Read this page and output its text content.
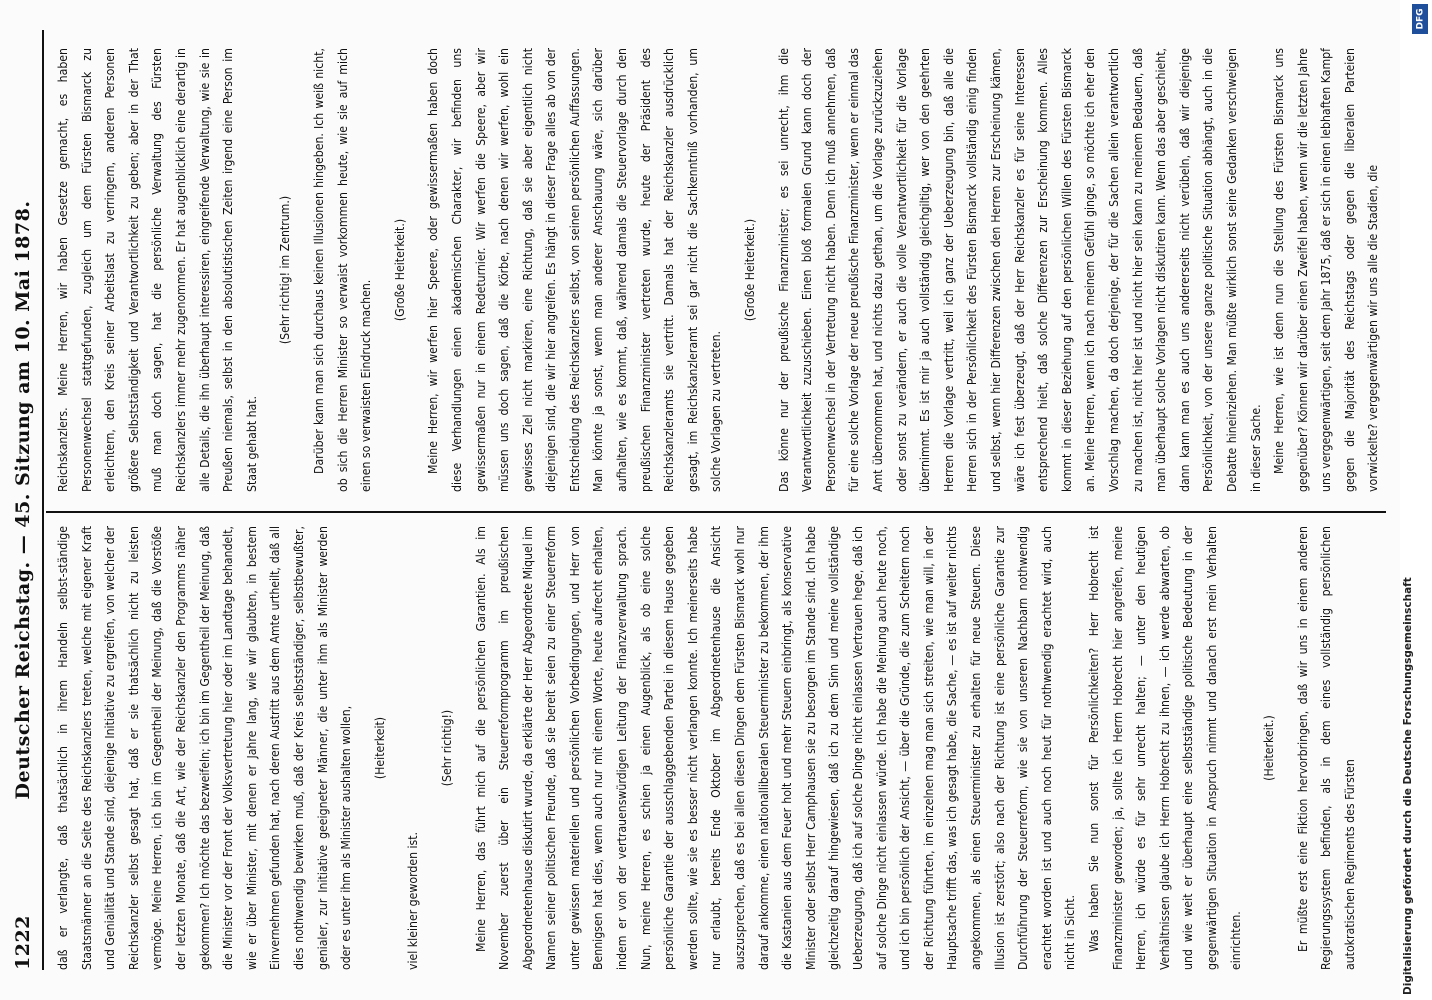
1222
Deutscher Reichstag. — 45. Sitzung am 10. Mai 1878.	daß er verlangte, daß thatsächlich in ihrem Handeln selbst-ständige Staatsmänner an die Seite des Reichskanzlers treten, welche mit eigener Kraft und Genialität und Stande sind, diejenige Initiative zu ergreifen, von welcher der Reichskanzler selbst gesagt hat, daß er sie thatsächlich nicht zu leisten vermöge. Meine Herren, ich bin im Gegentheil der Meinung, daß die Vorstöße der letzten Monate, daß die Art, wie der Reichskanzler den Programms näher gekommen? Ich möchte das bezweifeln; ich bin im Gegentheil der Meinung, daß die Minister vor der Front der Volksvertretung hier oder im Landtage behandelt, wie er über Minister, mit denen er Jahre lang, wie wir glaubten, in bestem Einvernehmen gefunden hat, nach deren Austritt aus dem Amte urtheilt, daß all dies nothwendig bewirken muß, daß der Kreis selbstständiger, selbstbewußter, genialer, zur Initiative geeigneter Männer, die unter ihm als Minister werden oder es unter ihm als Minister aushalten wollen,	(Heiterkeit)

viel kleiner geworden ist.

(Sehr richtig!)	Meine Herren, das führt mich auf die persönlichen Garantien. Als im November zuerst über ein Steuerreformprogramm im preußischen Abgeordnetenhause diskutirt wurde, da erklärte der Herr Abgeordnete Miquel im Namen seiner politischen Freunde, daß sie bereit seien zu einer Steuerreform unter gewissen materiellen und persönlichen Vorbedingungen, und Herr von Bennigsen hat dies, wenn auch nur mit einem Worte, heute aufrecht erhalten, indem er von der vertrauenswürdigen Leitung der Finanzverwaltung sprach. Nun, meine Herren, es schien ja einen Augenblick, als ob eine solche persönliche Garantie der ausschlaggebenden Partei in diesem Hause gegeben werden sollte, wie sie es besser nicht verlangen konnte. Ich meinerseits habe nur erlaubt, bereits Ende Oktober im Abgeordnetenhause die Ansicht auszusprechen, daß es bei allen diesen Dingen dem Fürsten Bismarck wohl nur darauf ankomme, einen nationalliberalen Steuerminister zu bekommen, der ihm die Kastanien aus dem Feuer holt und mehr Steuern einbringt, als konservative Minister oder selbst Herr Camphausen sie zu besorgen im Stande sind. Ich habe gleichzeitig darauf hingewiesen, daß ich zu dem Sinn und meine vollständige Ueberzeugung, daß ich auf solche Dinge nicht einlassen Vertrauen hege, daß ich auf solche Dinge nicht einlassen würde. Ich habe die Meinung auch heute noch, und ich bin persönlich der Ansicht, — über die Gründe, die zum Scheitern noch der Richtung führten, im einzelnen mag man sich streiten, wie man will, in der Hauptsache trifft das, was ich gesagt habe, die Sache, — es ist auf weiter nichts angekommen, als einen Steuerminister zu erhalten für neue Steuern. Diese Illusion ist zerstört; also nach der Richtung ist eine persönliche Garantie zur Durchführung der Steuerreform, wie sie von unseren Nachbarn nothwendig erachtet worden ist und auch noch heut für nothwendig erachtet wird, auch nicht in Sicht. Was haben Sie nun sonst für Persönlichkeiten? Herr Hobrecht ist Finanzminister geworden; ja, sollte ich Herrn Hobrecht hier angreifen, meine Herren, ich würde es für sehr unrecht halten; — unter den heutigen Verhältnissen glaube ich Herrn Hobrecht zu ihnen, — ich werde abwarten, ob und wie weit er überhaupt eine selbstständige politische Bedeutung in der gegenwärtigen Situation in Anspruch nimmt und danach erst mein Verhalten einrichten.

(Heiterkeit.)	Er müßte erst eine Fiktion hervorbringen, daß wir uns in einem anderen Regierungssystem befinden, als in dem eines vollständig persönlichen autokratischen Regiments des Fürsten

Reichskanzlers. Meine Herren, wir haben Gesetze gemacht, es haben Personenwechsel stattgefunden, zugleich um dem Fürsten Bismarck zu erleichtern, den Kreis seiner Arbeitslast zu verringern, anderen Personen größere Selbstständigkeit und Verantwortlichkeit zu geben; aber in der That muß man doch sagen, hat die persönliche Verwaltung des Fürsten Reichskanzlers immer mehr zugenommen. Er hat augenblicklich eine derartig in alle Details, die ihn überhaupt interessiren, eingreifende Verwaltung, wie sie in Preußen niemals, selbst in den absolutistischen Zeiten irgend eine Person im Staat gehabt hat.

(Sehr richtig! im Zentrum.)	Darüber kann man sich durchaus keinen Illusionen hingeben. Ich weiß nicht, ob sich die Herren Minister so verwaist vorkommen heute, wie sie auf mich einen so verwaisten Eindruck machen.

(Große Heiterkeit.)	Meine Herren, wir werfen hier Speere, oder gewissermaßen haben doch diese Verhandlungen einen akademischen Charakter, wir befinden uns gewissermaßen nur in einem Redeturnier. Wir werfen die Speere, aber wir müssen uns doch sagen, daß die Körbe, nach denen wir werfen, wohl ein gewisses Ziel nicht markiren, eine Richtung, daß sie aber eigentlich nicht diejenigen sind, die wir hier angreifen. Es hängt in dieser Frage alles ab von der Entscheidung des Reichskanzlers selbst, von seinen persönlichen Auffassungen. Man könnte ja sonst, wenn man anderer Anschauung wäre, sich darüber aufhalten, wie es kommt, daß, während damals die Steuervorlage durch den preußischen Finanzminister vertreten wurde, heute der Präsident des Reichskanzleramts sie vertritt. Damals hat der Reichskanzler ausdrücklich gesagt, im Reichskanzleramt sei gar nicht die Sachkenntniß vorhanden, um solche Vorlagen zu vertreten.

(Große Heiterkeit.)	Das könne nur der preußische Finanzminister; es sei unrecht, ihm die Verantwortlichkeit zuzuschieben. Einen bloß formalen Grund kann doch der Personenwechsel in der Vertretung nicht haben. Denn ich muß annehmen, daß für eine solche Vorlage der neue preußische Finanzminister, wenn er einmal das Amt übernommen hat, und nichts dazu gethan, um die Vorlage zurückzuziehen oder sonst zu verändern, er auch die volle Verantwortlichkeit für die Vorlage übernimmt. Es ist mir ja auch vollständig gleichgiltig, wer von den geehrten Herren die Vorlage vertritt, weil ich ganz der Ueberzeugung bin, daß alle die Herren sich in der Persönlichkeit des Fürsten Bismarck vollständig einig finden und selbst, wenn hier Differenzen zwischen den Herren zur Erscheinung kämen, wäre ich fest überzeugt, daß der Herr Reichskanzler es für seine Interessen entsprechend hielt, daß solche Differenzen zur Erscheinung kommen. Alles kommt in dieser Beziehung auf den persönlichen Willen des Fürsten Bismarck an. Meine Herren, wenn ich nach meinem Gefühl ginge, so möchte ich eher den Vorschlag machen, da doch derjenige, der für die Sachen allein verantwortlich zu machen ist, nicht hier ist und nicht hier sein kann zu meinem Bedauern, daß man überhaupt solche Vorlagen nicht diskutiren kann. Wenn das aber geschieht, dann kann man es auch uns andererseits nicht verübeln, daß wir diejenige Persönlichkeit, von der unsere ganze politische Situation abhängt, auch in die Debatte hineinziehen. Man müßte wirklich sonst seine Gedanken verschweigen in dieser Sache. Meine Herren, wie ist denn nun die Stellung des Fürsten Bismarck uns gegenüber? Können wir darüber einen Zweifel haben, wenn wir die letzten Jahre uns vergegenwärtigen, seit dem Jahr 1875, daß er sich in einen lebhaften Kampf gegen die Majorität des Reichstags oder gegen die liberalen Parteien vorwickelte? vergegenwärtigen wir uns alle die Stadien, die

Digitalisierung gefördert durch die Deutsche Forschungsgemeinschaft
DFG
